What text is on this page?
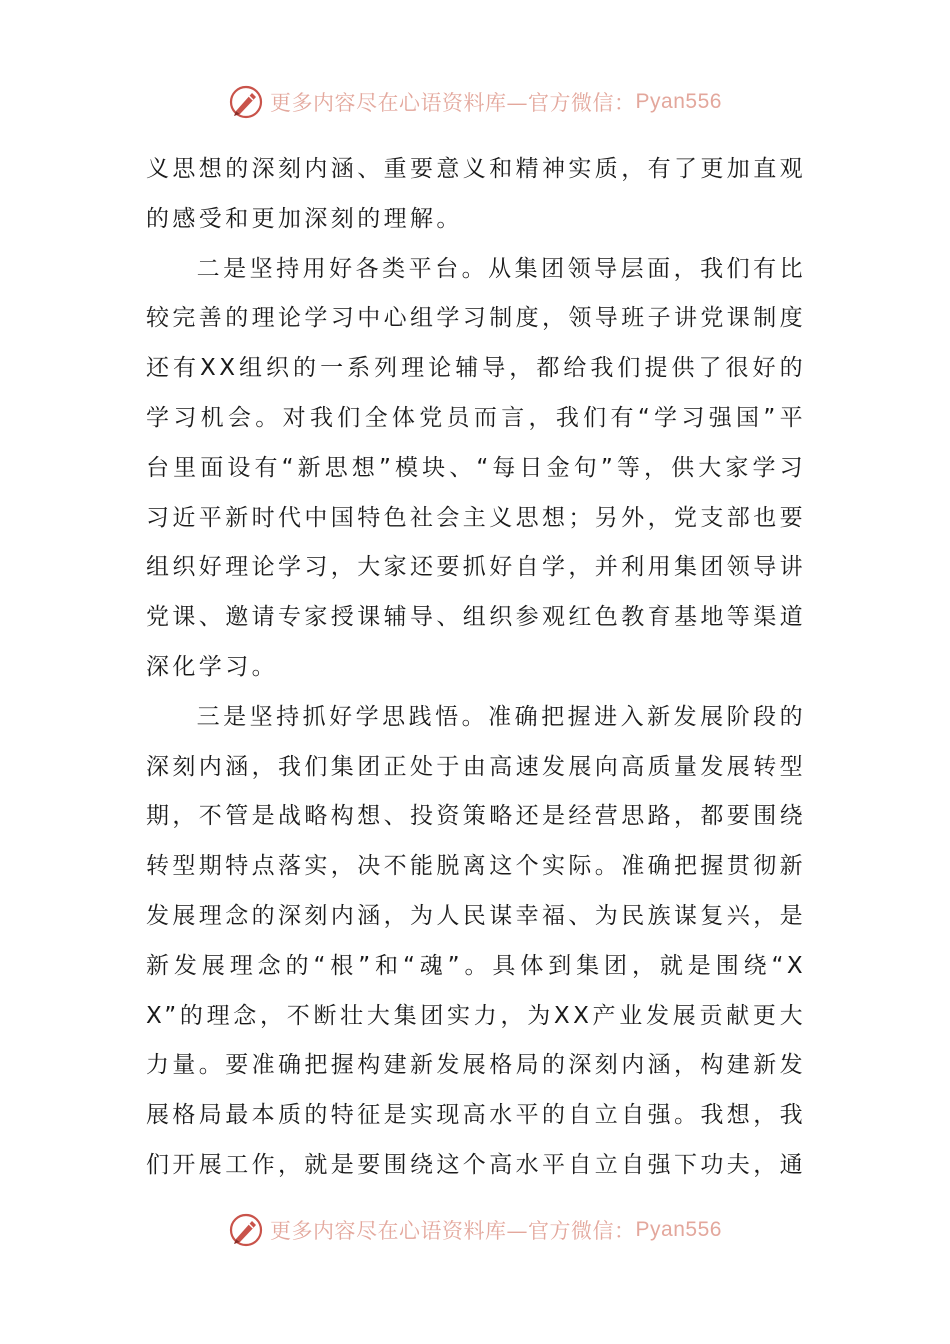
更多内容尽在心语资料库—官方微信： Pyan556

义思想的深刻内涵、重要意义和精神实质，有了更加直观的感受和更加深刻的理解。

二是坚持用好各类平台。从集团领导层面，我们有比较完善的理论学习中心组学习制度，领导班子讲党课制度还有XX组织的一系列理论辅导，都给我们提供了很好的学习机会。对我们全体党员而言，我们有“学习强国”平台里面设有“新思想”模块、“每日金句”等，供大家学习习近平新时代中国特色社会主义思想；另外，党支部也要组织好理论学习，大家还要抓好自学，并利用集团领导讲党课、邀请专家授课辅导、组织参观红色教育基地等渠道深化学习。

三是坚持抓好学思践悟。准确把握进入新发展阶段的深刻内涵，我们集团正处于由高速发展向高质量发展转型期，不管是战略构想、投资策略还是经营思路，都要围绕转型期特点落实，决不能脱离这个实际。准确把握贯彻新发展理念的深刻内涵，为人民谋幸福、为民族谋复兴，是新发展理念的“根”和“魂”。具体到集团，就是围绕“XX”的理念，不断壮大集团实力，为XX产业发展贡献更大力量。要准确把握构建新发展格局的深刻内涵，构建新发展格局最本质的特征是实现高水平的自立自强。我想，我们开展工作，就是要围绕这个高水平自立自强下功夫，通

更多内容尽在心语资料库—官方微信： Pyan556
